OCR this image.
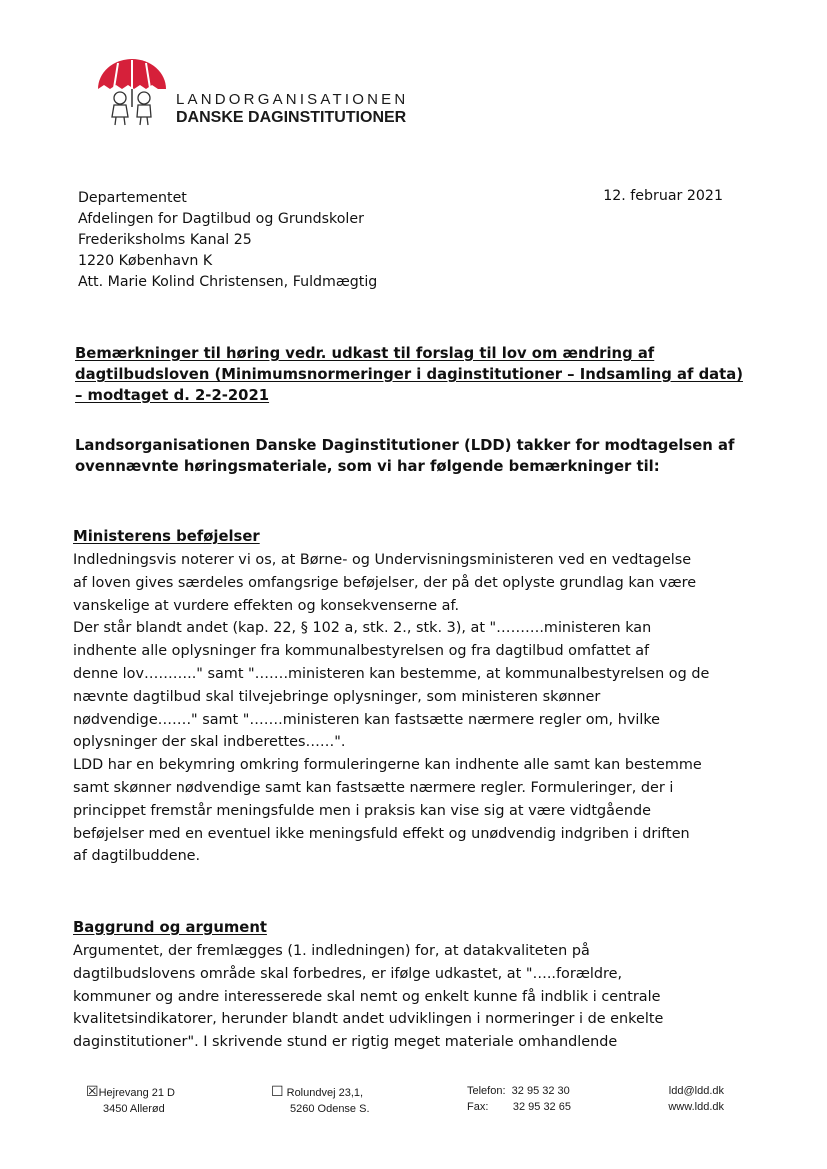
LANDORGANISATIONEN
DANSKE DAGINSTITUTIONER
Departementet
Afdelingen for Dagtilbud og Grundskoler
Frederiksholms Kanal 25
1220 København K
Att. Marie Kolind Christensen, Fuldmægtig
12. februar 2021
Bemærkninger til høring vedr. udkast til forslag til lov om ændring af dagtilbudsloven (Minimumsnormeringer i daginstitutioner – Indsamling af data) – modtaget d. 2-2-2021
Landsorganisationen Danske Daginstitutioner (LDD) takker for modtagelsen af ovennævnte høringsmateriale, som vi har følgende bemærkninger til:
Ministerens beføjelser
Indledningsvis noterer vi os, at Børne- og Undervisningsministeren ved en vedtagelse
af loven gives særdeles omfangsrige beføjelser, der på det oplyste grundlag kan være
vanskelige at vurdere effekten og konsekvenserne af.
Der står blandt andet (kap. 22, § 102 a, stk. 2., stk. 3), at "……….ministeren kan
indhente alle oplysninger fra kommunalbestyrelsen og fra dagtilbud omfattet af
denne lov……….." samt "…….ministeren kan bestemme, at kommunalbestyrelsen og de
nævnte dagtilbud skal tilvejebringe oplysninger, som ministeren skønner
nødvendige……." samt "…….ministeren kan fastsætte nærmere regler om, hvilke
oplysninger der skal indberettes……".
LDD har en bekymring omkring formuleringerne kan indhente alle samt kan bestemme
samt skønner nødvendige samt kan fastsætte nærmere regler. Formuleringer, der i
princippet fremstår meningsfulde men i praksis kan vise sig at være vidtgående
beføjelser med en eventuel ikke meningsfuld effekt og unødvendig indgriben i driften
af dagtilbuddene.
Baggrund og argument
Argumentet, der fremlægges (1. indledningen) for, at datakvaliteten på
dagtilbudslovens område skal forbedres, er ifølge udkastet, at "…..forældre,
kommuner og andre interesserede skal nemt og enkelt kunne få indblik i centrale
kvalitetsindikatorer, herunder blandt andet udviklingen i normeringer i de enkelte
daginstitutioner". I skrivende stund er rigtig meget materiale omhandlende
☒Hejrevang 21 D
3450 Allerød
☐ Rolundvej 23,1,
5260 Odense S.
Telefon: 32 95 32 30
Fax: 32 95 32 65
ldd@ldd.dk
www.ldd.dk
